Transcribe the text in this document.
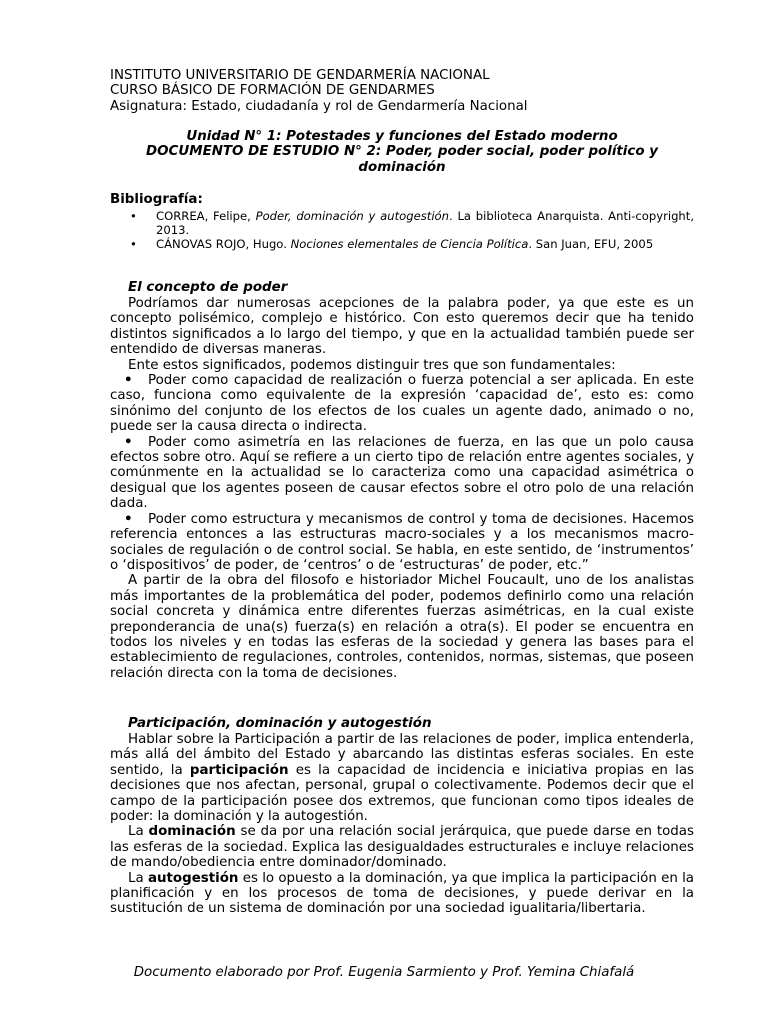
INSTITUTO UNIVERSITARIO DE GENDARMERÍA NACIONAL
CURSO BÁSICO DE FORMACIÓN DE GENDARMES
Asignatura: Estado, ciudadanía y rol de Gendarmería Nacional
Unidad N° 1: Potestades y funciones del Estado moderno
DOCUMENTO DE ESTUDIO N° 2: Poder, poder social, poder político y dominación
Bibliografía:
• CORREA, Felipe, Poder, dominación y autogestión. La biblioteca Anarquista. Anti-copyright, 2013.
• CÁNOVAS ROJO, Hugo. Nociones elementales de Ciencia Política. San Juan, EFU, 2005
El concepto de poder
Podríamos dar numerosas acepciones de la palabra poder, ya que este es un concepto polisémico, complejo e histórico. Con esto queremos decir que ha tenido distintos significados a lo largo del tiempo, y que en la actualidad también puede ser entendido de diversas maneras.
Ente estos significados, podemos distinguir tres que son fundamentales:
•Poder como capacidad de realización o fuerza potencial a ser aplicada. En este caso, funciona como equivalente de la expresión ‘capacidad de’, esto es: como sinónimo del conjunto de los efectos de los cuales un agente dado, animado o no, puede ser la causa directa o indirecta.
•Poder como asimetría en las relaciones de fuerza, en las que un polo causa efectos sobre otro. Aquí se refiere a un cierto tipo de relación entre agentes sociales, y comúnmente en la actualidad se lo caracteriza como una capacidad asimétrica o desigual que los agentes poseen de causar efectos sobre el otro polo de una relación dada.
•Poder como estructura y mecanismos de control y toma de decisiones. Hacemos referencia entonces a las estructuras macro-sociales y a los mecanismos macro-sociales de regulación o de control social. Se habla, en este sentido, de ‘instrumentos’ o ‘dispositivos’ de poder, de ‘centros’ o de ‘estructuras’ de poder, etc.”
A partir de la obra del filosofo e historiador Michel Foucault, uno de los analistas más importantes de la problemática del poder, podemos definirlo como una relación social concreta y dinámica entre diferentes fuerzas asimétricas, en la cual existe preponderancia de una(s) fuerza(s) en relación a otra(s). El poder se encuentra en todos los niveles y en todas las esferas de la sociedad y genera las bases para el establecimiento de regulaciones, controles, contenidos, normas, sistemas, que poseen relación directa con la toma de decisiones.
Participación, dominación y autogestión
Hablar sobre la Participación a partir de las relaciones de poder, implica entenderla, más allá del ámbito del Estado y abarcando las distintas esferas sociales. En este sentido, la participación es la capacidad de incidencia e iniciativa propias en las decisiones que nos afectan, personal, grupal o colectivamente. Podemos decir que el campo de la participación posee dos extremos, que funcionan como tipos ideales de poder: la dominación y la autogestión.
La dominación se da por una relación social jerárquica, que puede darse en todas las esferas de la sociedad. Explica las desigualdades estructurales e incluye relaciones de mando/obediencia entre dominador/dominado.
La autogestión es lo opuesto a la dominación, ya que implica la participación en la planificación y en los procesos de toma de decisiones, y puede derivar en la sustitución de un sistema de dominación por una sociedad igualitaria/libertaria.
Documento elaborado por Prof. Eugenia Sarmiento y Prof. Yemina Chiafalá
